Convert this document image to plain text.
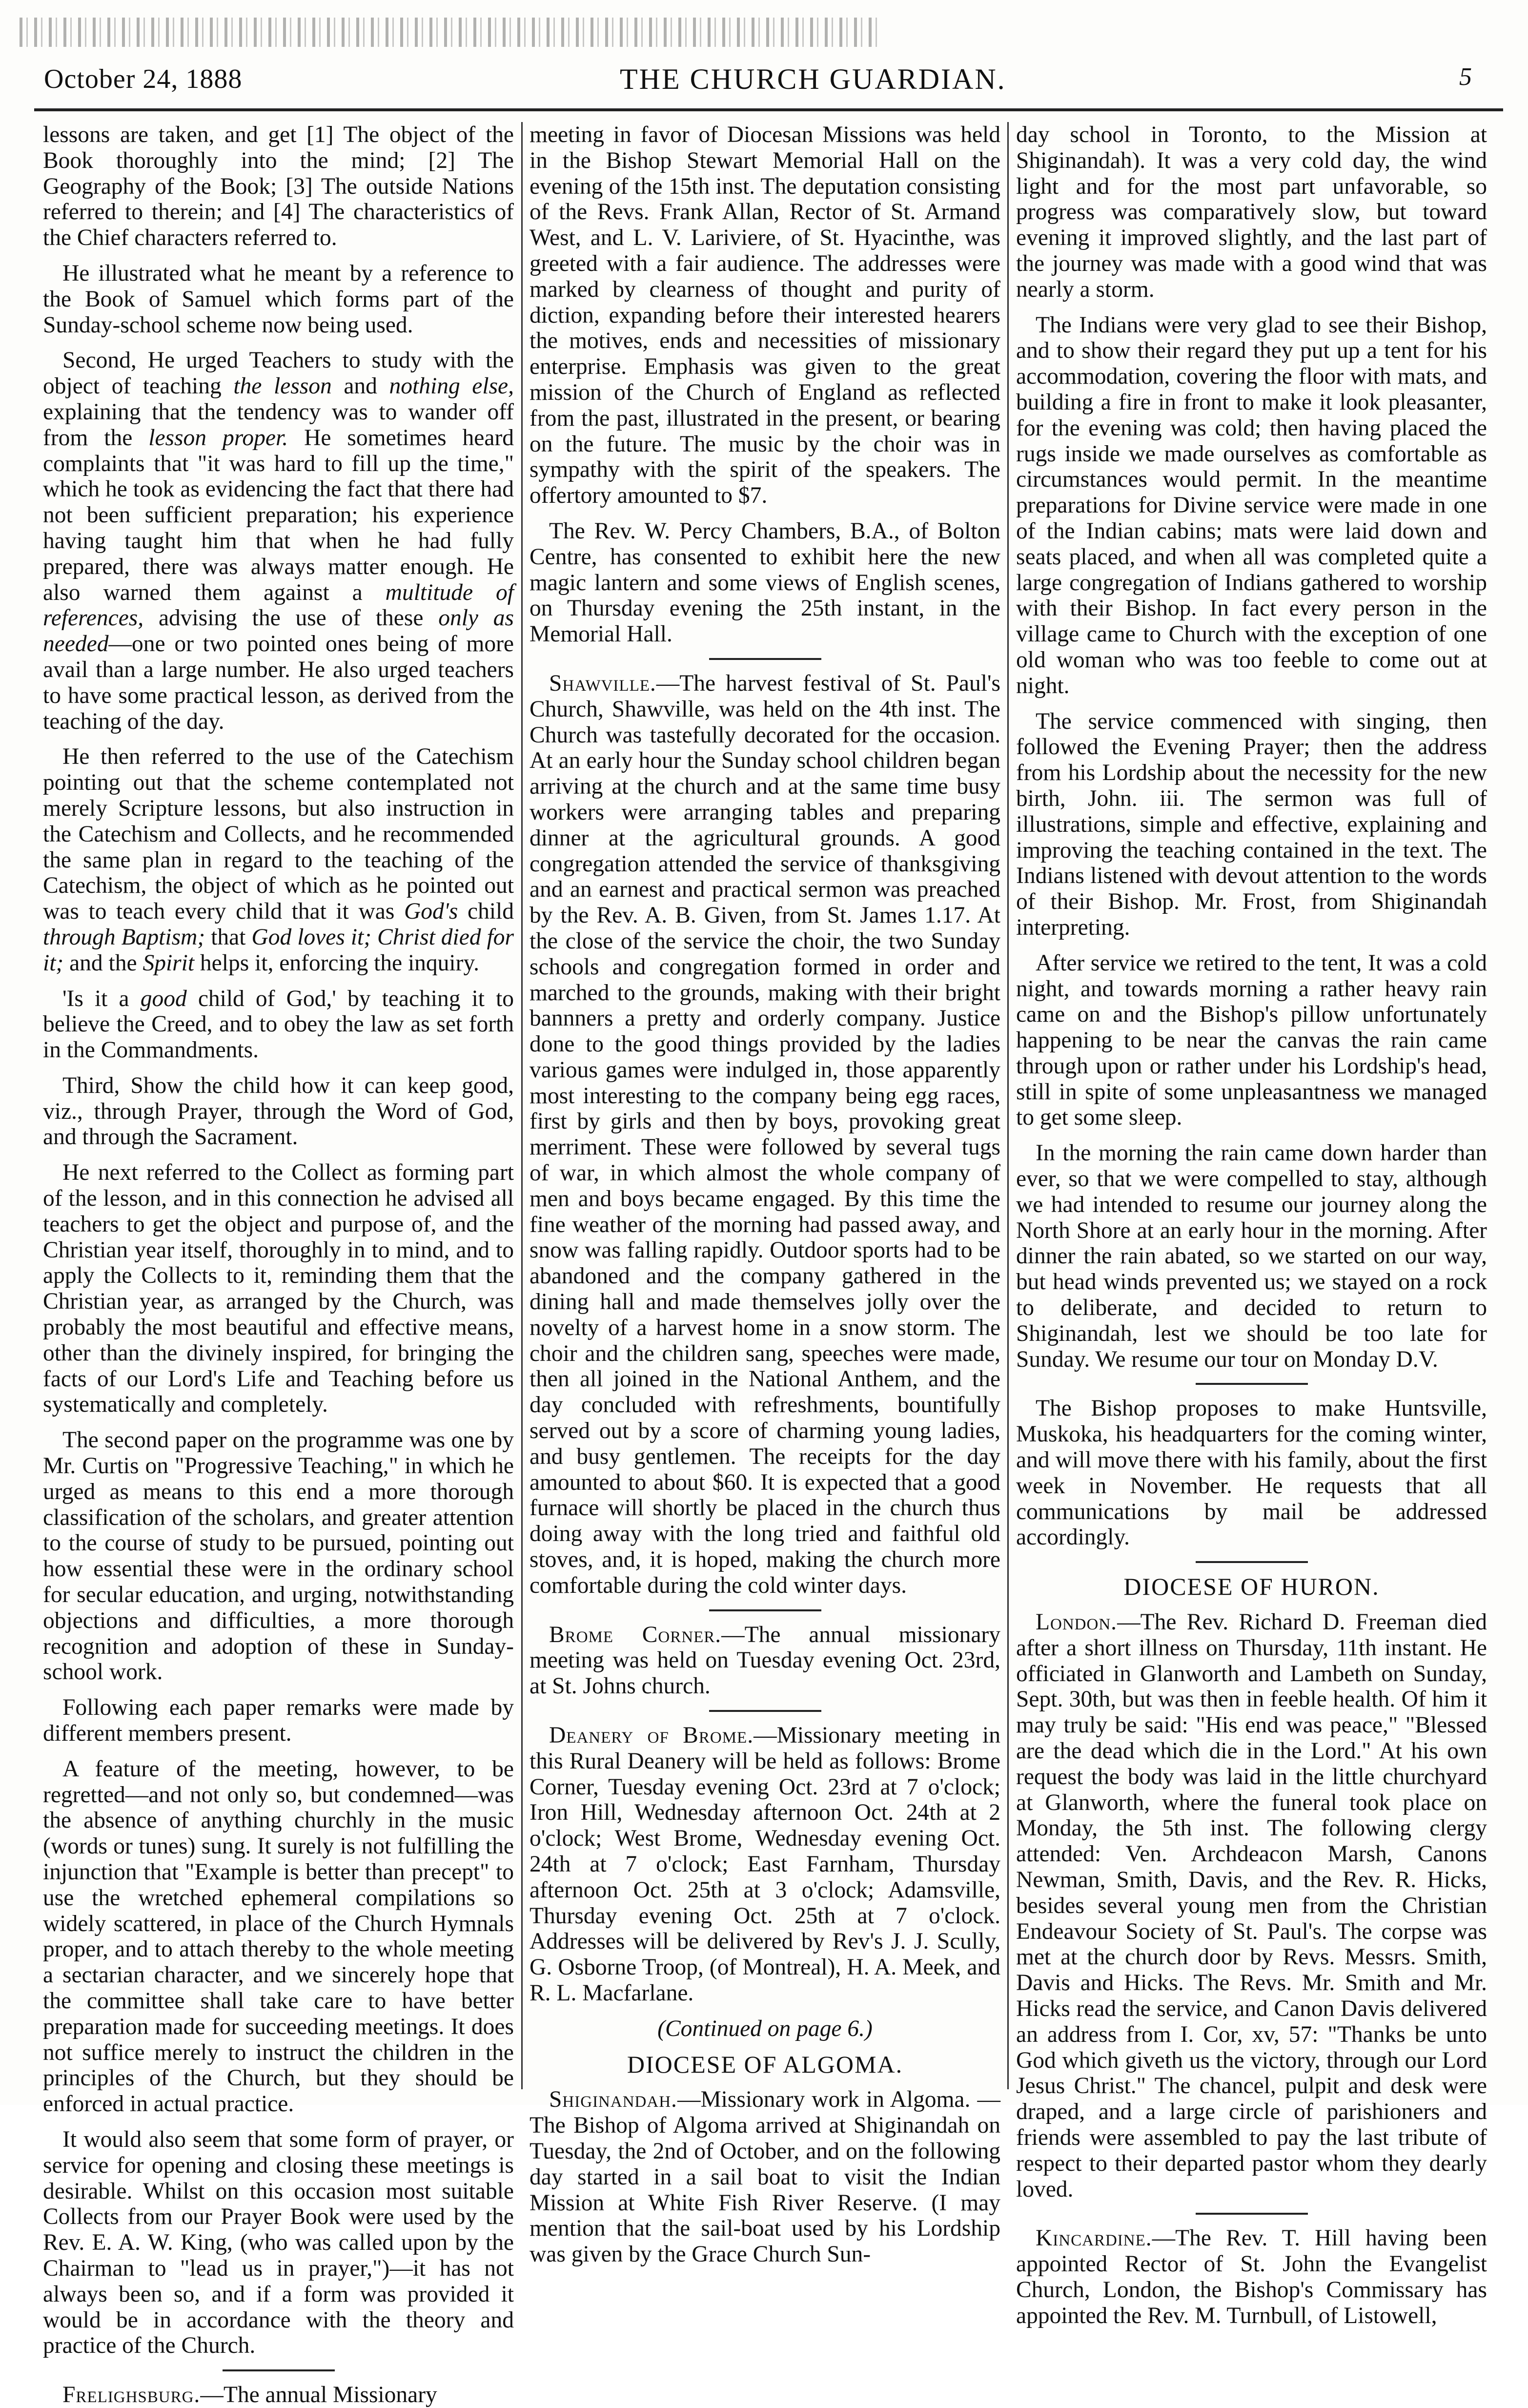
October 24, 1888	THE CHURCH GUARDIAN.	5

lessons are taken, and get [1] The object of the Book thoroughly into the mind; [2] The Geography of the Book; [3] The outside Nations referred to therein; and [4] The characteristics of the Chief characters referred to.

He illustrated what he meant by a reference to the Book of Samuel which forms part of the Sunday-school scheme now being used.

Second, He urged Teachers to study with the object of teaching the lesson and nothing else, explaining that the tendency was to wander off from the lesson proper. He sometimes heard complaints that "it was hard to fill up the time," which he took as evidencing the fact that there had not been sufficient preparation; his experience having taught him that when he had fully prepared, there was always matter enough. He also warned them against a multitude of references, advising the use of these only as needed—one or two pointed ones being of more avail than a large number. He also urged teachers to have some practical lesson, as derived from the teaching of the day.

He then referred to the use of the Catechism pointing out that the scheme contemplated not merely Scripture lessons, but also instruction in the Catechism and Collects, and he recommended the same plan in regard to the teaching of the Catechism, the object of which as he pointed out was to teach every child that it was God's child through Baptism; that God loves it; Christ died for it; and the Spirit helps it, enforcing the inquiry.

'Is it a good child of God,' by teaching it to believe the Creed, and to obey the law as set forth in the Commandments.

Third, Show the child how it can keep good, viz., through Prayer, through the Word of God, and through the Sacrament.

He next referred to the Collect as forming part of the lesson, and in this connection he advised all teachers to get the object and purpose of, and the Christian year itself, thoroughly in to mind, and to apply the Collects to it, reminding them that the Christian year, as arranged by the Church, was probably the most beautiful and effective means, other than the divinely inspired, for bringing the facts of our Lord's Life and Teaching before us systematically and completely.

The second paper on the programme was one by Mr. Curtis on "Progressive Teaching," in which he urged as means to this end a more thorough classification of the scholars, and greater attention to the course of study to be pursued, pointing out how essential these were in the ordinary school for secular education, and urging, notwithstanding objections and difficulties, a more thorough recognition and adoption of these in Sunday-school work.

Following each paper remarks were made by different members present.

A feature of the meeting, however, to be regretted—and not only so, but condemned—was the absence of anything churchly in the music (words or tunes) sung. It surely is not fulfilling the injunction that "Example is better than precept" to use the wretched ephemeral compilations so widely scattered, in place of the Church Hymnals proper, and to attach thereby to the whole meeting a sectarian character, and we sincerely hope that the committee shall take care to have better preparation made for succeeding meetings. It does not suffice merely to instruct the children in the principles of the Church, but they should be enforced in actual practice.

It would also seem that some form of prayer, or service for opening and closing these meetings is desirable. Whilst on this occasion most suitable Collects from our Prayer Book were used by the Rev. E. A. W. King, (who was called upon by the Chairman to "lead us in prayer,")—it has not always been so, and if a form was provided it would be in accordance with the theory and practice of the Church.

Frelighsburg.—The annual Missionary

meeting in favor of Diocesan Missions was held in the Bishop Stewart Memorial Hall on the evening of the 15th inst. The deputation consisting of the Revs. Frank Allan, Rector of St. Armand West, and L. V. Lariviere, of St. Hyacinthe, was greeted with a fair audience. The addresses were marked by clearness of thought and purity of diction, expanding before their interested hearers the motives, ends and necessities of missionary enterprise. Emphasis was given to the great mission of the Church of England as reflected from the past, illustrated in the present, or bearing on the future. The music by the choir was in sympathy with the spirit of the speakers. The offertory amounted to $7.

The Rev. W. Percy Chambers, B.A., of Bolton Centre, has consented to exhibit here the new magic lantern and some views of English scenes, on Thursday evening the 25th instant, in the Memorial Hall.

Shawville.—The harvest festival of St. Paul's Church, Shawville, was held on the 4th inst. The Church was tastefully decorated for the occasion. At an early hour the Sunday school children began arriving at the church and at the same time busy workers were arranging tables and preparing dinner at the agricultural grounds. A good congregation attended the service of thanksgiving and an earnest and practical sermon was preached by the Rev. A. B. Given, from St. James 1.17. At the close of the service the choir, the two Sunday schools and congregation formed in order and marched to the grounds, making with their bright bannners a pretty and orderly company. Justice done to the good things provided by the ladies various games were indulged in, those apparently most interesting to the company being egg races, first by girls and then by boys, provoking great merriment. These were followed by several tugs of war, in which almost the whole company of men and boys became engaged. By this time the fine weather of the morning had passed away, and snow was falling rapidly. Outdoor sports had to be abandoned and the company gathered in the dining hall and made themselves jolly over the novelty of a harvest home in a snow storm. The choir and the children sang, speeches were made, then all joined in the National Anthem, and the day concluded with refreshments, bountifully served out by a score of charming young ladies, and busy gentlemen. The receipts for the day amounted to about $60. It is expected that a good furnace will shortly be placed in the church thus doing away with the long tried and faithful old stoves, and, it is hoped, making the church more comfortable during the cold winter days.

Brome Corner.—The annual missionary meeting was held on Tuesday evening Oct. 23rd, at St. Johns church.

Deanery of Brome.—Missionary meeting in this Rural Deanery will be held as follows: Brome Corner, Tuesday evening Oct. 23rd at 7 o'clock; Iron Hill, Wednesday afternoon Oct. 24th at 2 o'clock; West Brome, Wednesday evening Oct. 24th at 7 o'clock; East Farnham, Thursday afternoon Oct. 25th at 3 o'clock; Adamsville, Thursday evening Oct. 25th at 7 o'clock. Addresses will be delivered by Rev's J. J. Scully, G. Osborne Troop, (of Montreal), H. A. Meek, and R. L. Macfarlane.

(Continued on page 6.)

DIOCESE OF ALGOMA.

Shiginandah.—Missionary work in Algoma. —The Bishop of Algoma arrived at Shiginandah on Tuesday, the 2nd of October, and on the following day started in a sail boat to visit the Indian Mission at White Fish River Reserve. (I may mention that the sail-boat used by his Lordship was given by the Grace Church Sun-

day school in Toronto, to the Mission at Shiginandah). It was a very cold day, the wind light and for the most part unfavorable, so progress was comparatively slow, but toward evening it improved slightly, and the last part of the journey was made with a good wind that was nearly a storm.

The Indians were very glad to see their Bishop, and to show their regard they put up a tent for his accommodation, covering the floor with mats, and building a fire in front to make it look pleasanter, for the evening was cold; then having placed the rugs inside we made ourselves as comfortable as circumstances would permit. In the meantime preparations for Divine service were made in one of the Indian cabins; mats were laid down and seats placed, and when all was completed quite a large congregation of Indians gathered to worship with their Bishop. In fact every person in the village came to Church with the exception of one old woman who was too feeble to come out at night.

The service commenced with singing, then followed the Evening Prayer; then the address from his Lordship about the necessity for the new birth, John. iii. The sermon was full of illustrations, simple and effective, explaining and improving the teaching contained in the text. The Indians listened with devout attention to the words of their Bishop. Mr. Frost, from Shiginandah interpreting.

After service we retired to the tent, It was a cold night, and towards morning a rather heavy rain came on and the Bishop's pillow unfortunately happening to be near the canvas the rain came through upon or rather under his Lordship's head, still in spite of some unpleasantness we managed to get some sleep.

In the morning the rain came down harder than ever, so that we were compelled to stay, although we had intended to resume our journey along the North Shore at an early hour in the morning. After dinner the rain abated, so we started on our way, but head winds prevented us; we stayed on a rock to deliberate, and decided to return to Shiginandah, lest we should be too late for Sunday. We resume our tour on Monday D.V.

The Bishop proposes to make Huntsville, Muskoka, his headquarters for the coming winter, and will move there with his family, about the first week in November. He requests that all communications by mail be addressed accordingly.

DIOCESE OF HURON.

London.—The Rev. Richard D. Freeman died after a short illness on Thursday, 11th instant. He officiated in Glanworth and Lambeth on Sunday, Sept. 30th, but was then in feeble health. Of him it may truly be said: "His end was peace," "Blessed are the dead which die in the Lord." At his own request the body was laid in the little churchyard at Glanworth, where the funeral took place on Monday, the 5th inst. The following clergy attended: Ven. Archdeacon Marsh, Canons Newman, Smith, Davis, and the Rev. R. Hicks, besides several young men from the Christian Endeavour Society of St. Paul's. The corpse was met at the church door by Revs. Messrs. Smith, Davis and Hicks. The Revs. Mr. Smith and Mr. Hicks read the service, and Canon Davis delivered an address from I. Cor, xv, 57: "Thanks be unto God which giveth us the victory, through our Lord Jesus Christ." The chancel, pulpit and desk were draped, and a large circle of parishioners and friends were assembled to pay the last tribute of respect to their departed pastor whom they dearly loved.

Kincardine.—The Rev. T. Hill having been appointed Rector of St. John the Evangelist Church, London, the Bishop's Commissary has appointed the Rev. M. Turnbull, of Listowell,
